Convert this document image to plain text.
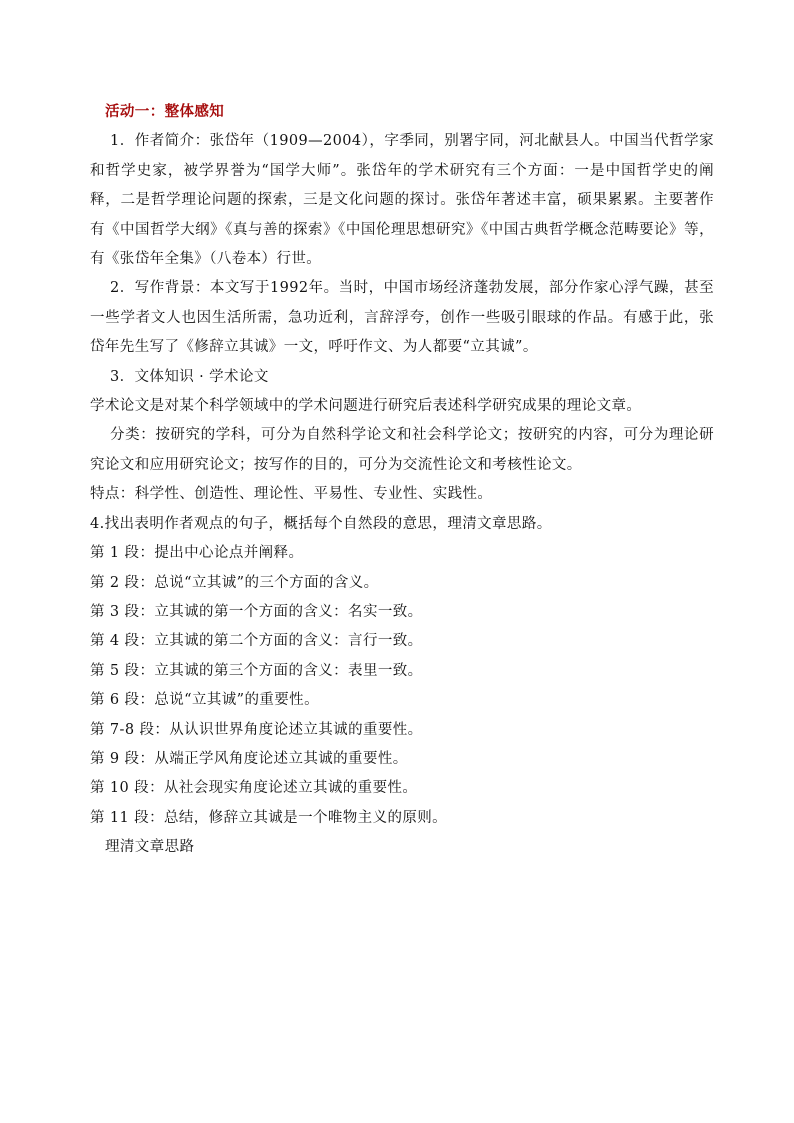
活动一：整体感知

1．作者简介：张岱年（1909—2004），字季同，别署宇同，河北献县人。中国当代哲学家和哲学史家，被学界誉为“国学大师”。张岱年的学术研究有三个方面：一是中国哲学史的阐释，二是哲学理论问题的探索，三是文化问题的探讨。张岱年著述丰富，硕果累累。主要著作有《中国哲学大纲》《真与善的探索》《中国伦理思想研究》《中国古典哲学概念范畴要论》等，有《张岱年全集》（八卷本）行世。

2．写作背景：本文写于1992年。当时，中国市场经济蓬勃发展，部分作家心浮气躁，甚至一些学者文人也因生活所需，急功近利，言辞浮夸，创作一些吸引眼球的作品。有感于此，张岱年先生写了《修辞立其诚》一文，呼吁作文、为人都要“立其诚”。

3．文体知识 · 学术论文
学术论文是对某个科学领域中的学术问题进行研究后表述科学研究成果的理论文章。

分类：按研究的学科，可分为自然科学论文和社会科学论文；按研究的内容，可分为理论研究论文和应用研究论文；按写作的目的，可分为交流性论文和考核性论文。

特点：科学性、创造性、理论性、平易性、专业性、实践性。
4.找出表明作者观点的句子，概括每个自然段的意思，理清文章思路。
第 1 段：提出中心论点并阐释。
第 2 段：总说“立其诚”的三个方面的含义。
第 3 段：立其诚的第一个方面的含义：名实一致。
第 4 段：立其诚的第二个方面的含义：言行一致。
第 5 段：立其诚的第三个方面的含义：表里一致。
第 6 段：总说“立其诚”的重要性。
第 7-8 段：从认识世界角度论述立其诚的重要性。
第 9 段：从端正学风角度论述立其诚的重要性。
第 10 段：从社会现实角度论述立其诚的重要性。
第 11 段：总结，修辞立其诚是一个唯物主义的原则。
理清文章思路
